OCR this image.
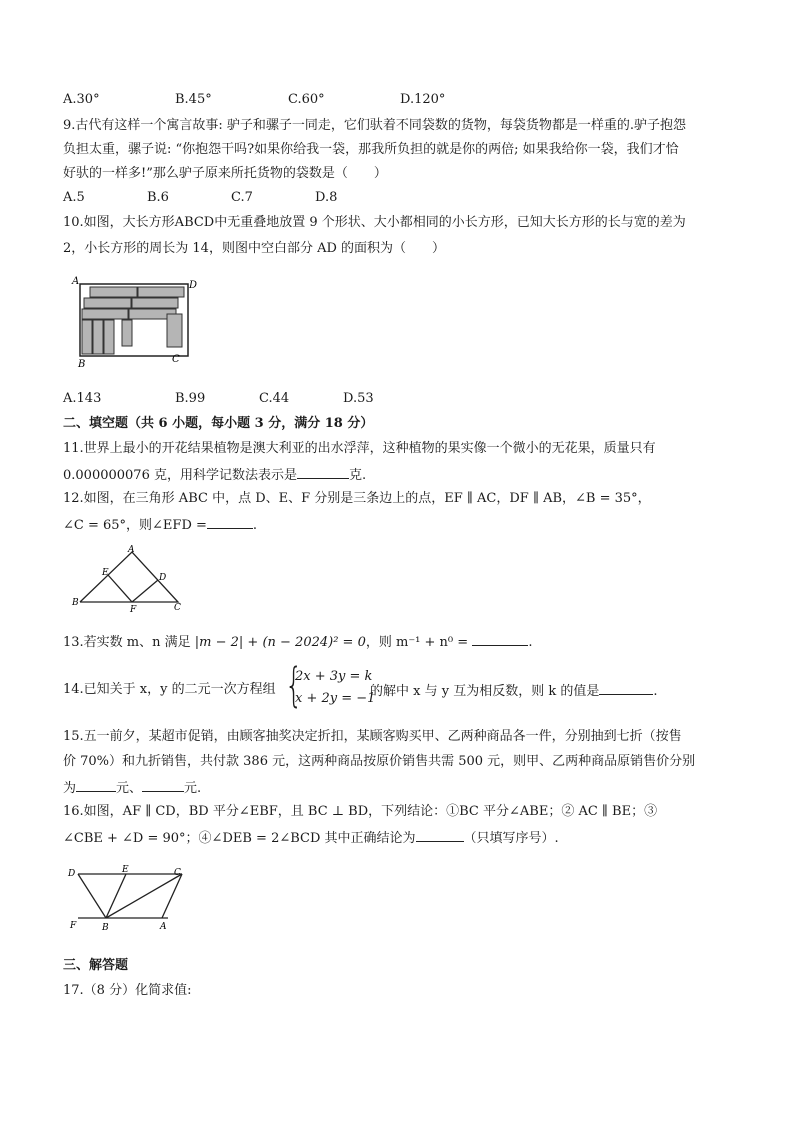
A.30°	B.45°	C.60°	D.120°
9.古代有这样一个寓言故事: 驴子和骡子一同走，它们驮着不同袋数的货物，每袋货物都是一样重的.驴子抱怨
负担太重，骡子说: “你抱怨干吗?如果你给我一袋，那我所负担的就是你的两倍; 如果我给你一袋，我们才恰
好驮的一样多!”那么驴子原来所托货物的袋数是（　　）
A.5	B.6	C.7	D.8
10.如图，大长方形ABCD中无重叠地放置 9 个形状、大小都相同的小长方形，已知大长方形的长与宽的差为
2，小长方形的周长为 14，则图中空白部分 AD 的面积为（　　）
A	D
B	C
A.143	B.99	C.44	D.53
二、填空题（共 6 小题，每小题 3 分，满分 18 分）
11.世界上最小的开花结果植物是澳大利亚的出水浮萍，这种植物的果实像一个微小的无花果，质量只有
0.000000076 克，用科学记数法表示是	克.
12.如图，在三角形 ABC 中，点 D、E、F 分别是三条边上的点，EF ∥ AC，DF ∥ AB，∠B = 35°，
∠C = 65°，则∠EFD =	.
A
E	D
B
F	C
13.若实数 m、n 满足 |m − 2| + (n − 2024)² = 0，则 m⁻¹ + n⁰ =	.
14.已知关于 x，y 的二元一次方程组 {
2x + 3y = k
x + 2y = −1
的解中 x 与 y 互为相反数，则 k 的值是	.
15.五一前夕，某超市促销，由顾客抽奖决定折扣，某顾客购买甲、乙两种商品各一件，分别抽到七折（按售
价 70%）和九折销售，共付款 386 元，这两种商品按原价销售共需 500 元，则甲、乙两种商品原销售价分别
为	元、	元.
16.如图，AF ∥ CD，BD 平分∠EBF，且 BC ⊥ BD，下列结论：①BC 平分∠ABE；② AC ∥ BE；③
∠CBE + ∠D = 90°；④∠DEB = 2∠BCD 其中正确结论为	（只填写序号）.
D	E	C
F	B	A
三、解答题
17.（8 分）化简求值:
